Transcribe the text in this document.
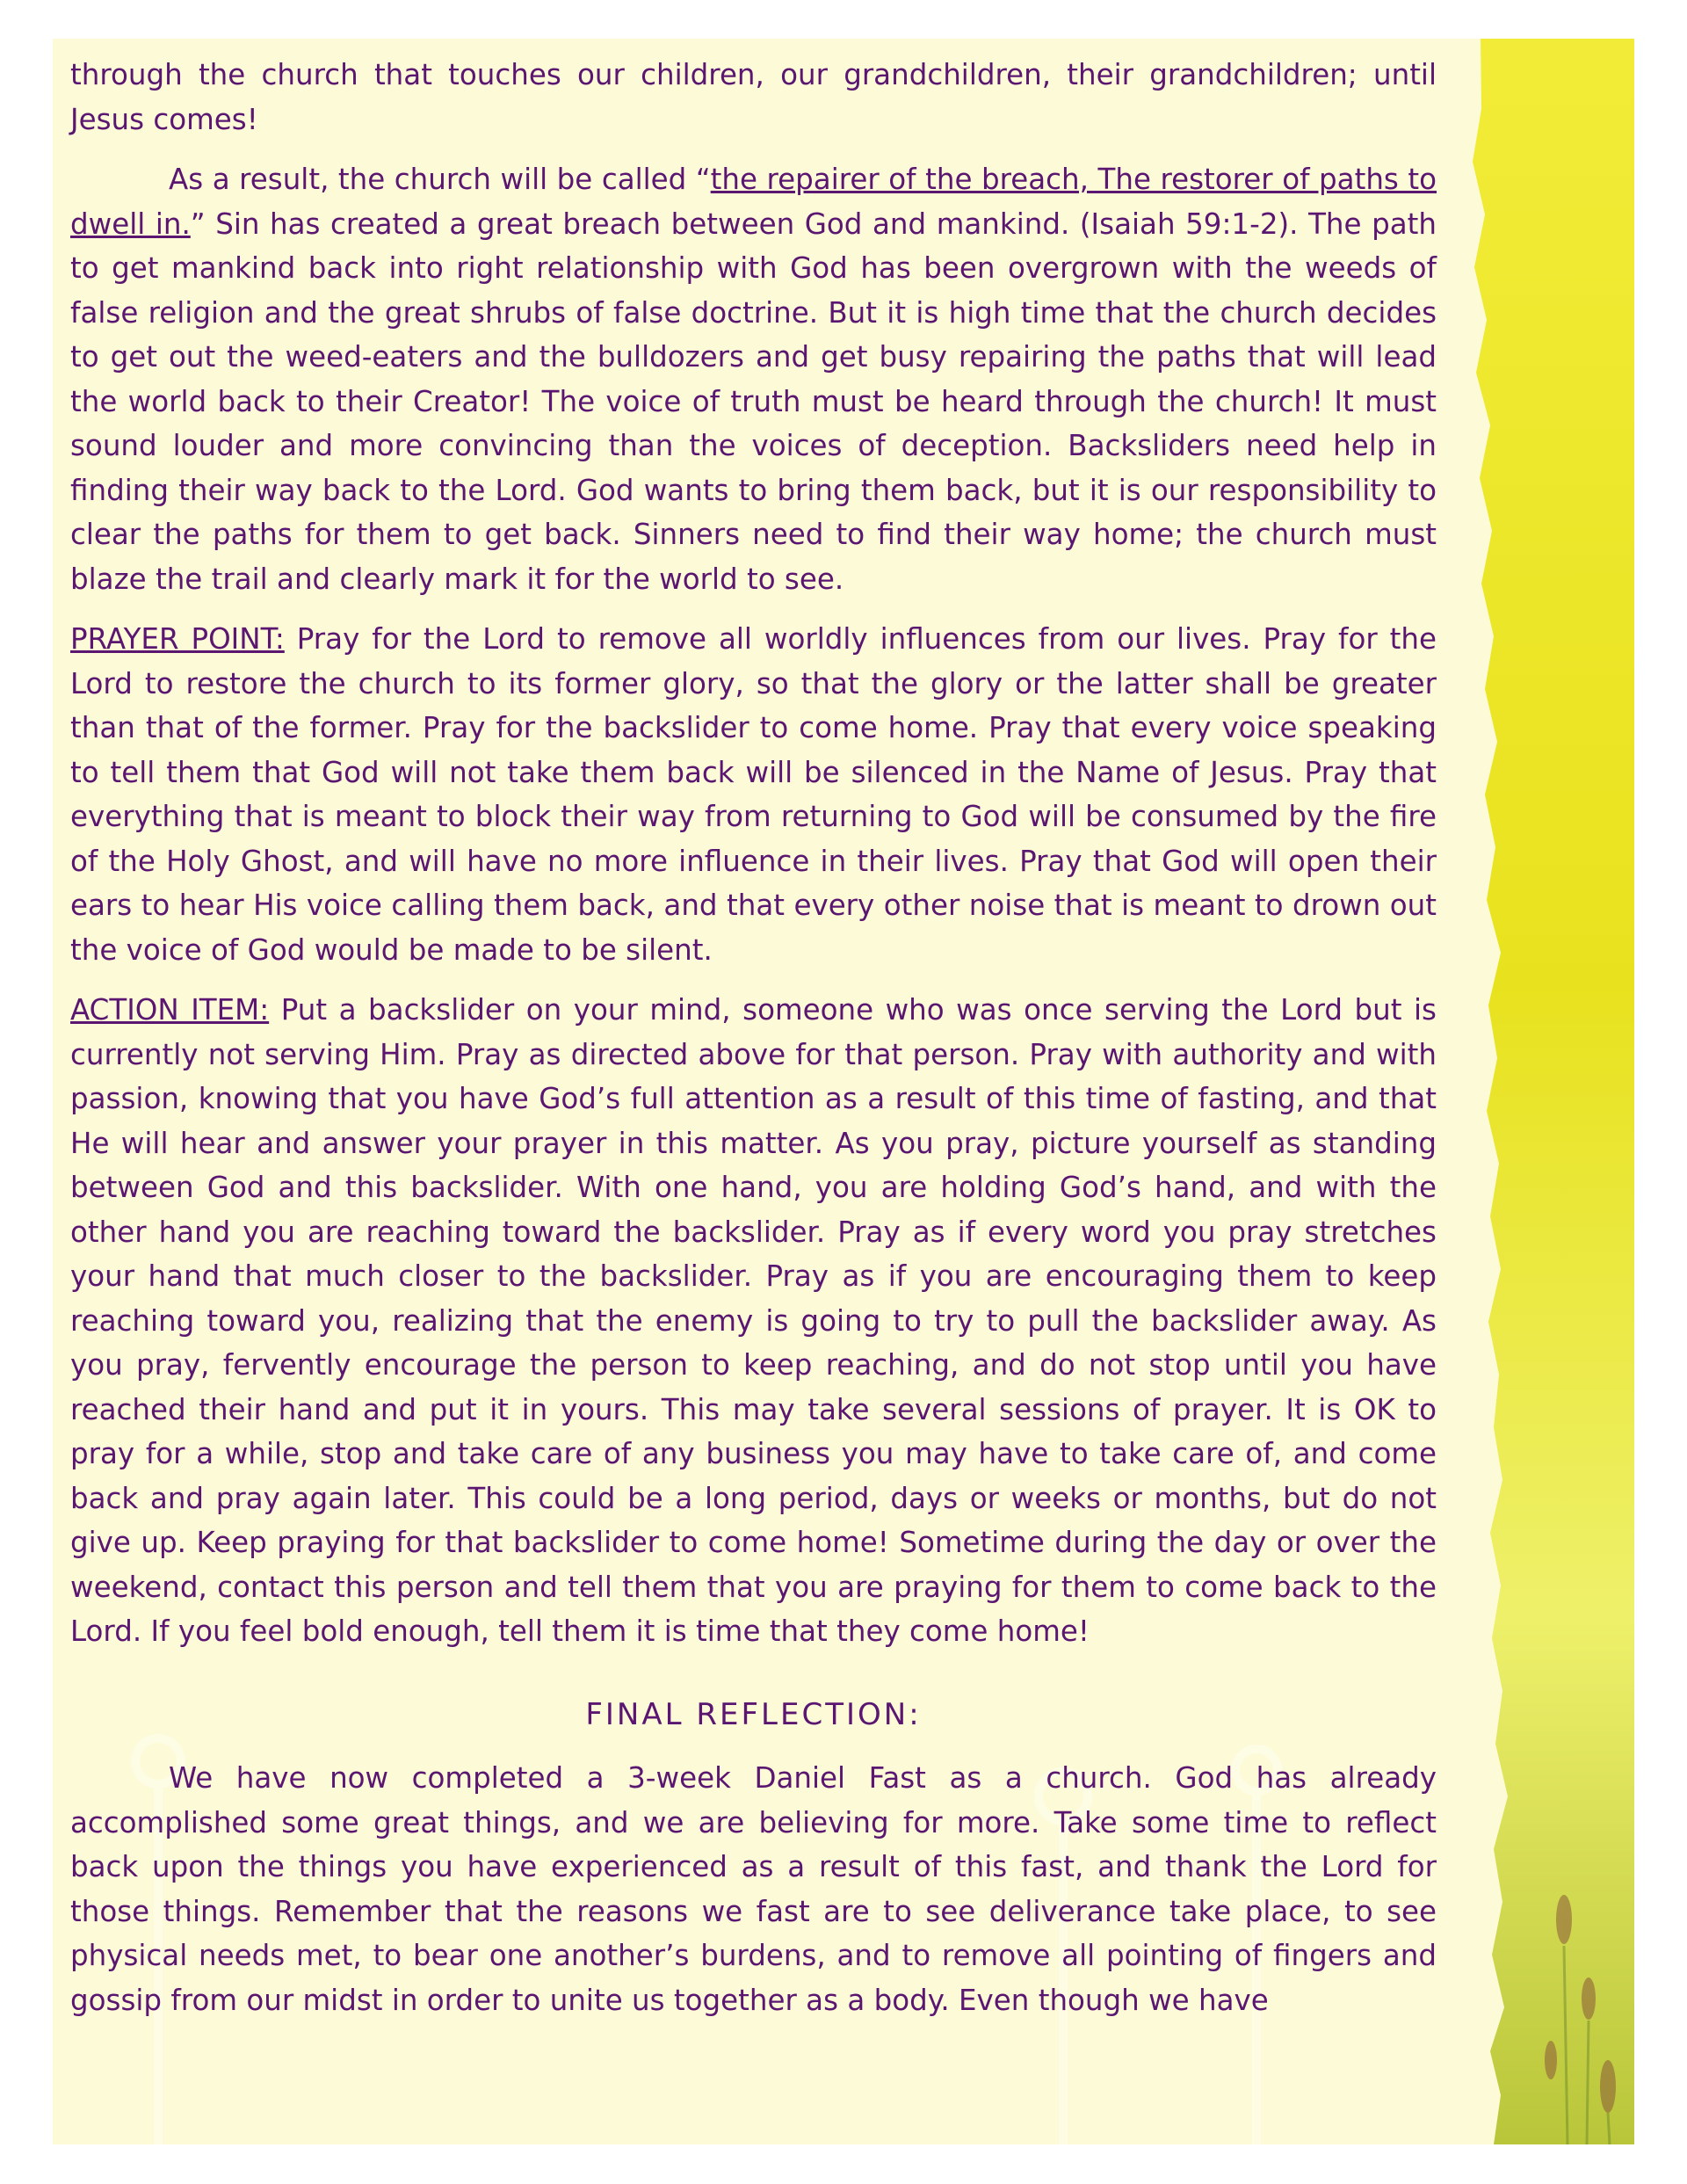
through the church that touches our children, our grandchildren, their grandchildren; until Jesus comes!

As a result, the church will be called “the repairer of the breach, The restorer of paths to dwell in.” Sin has created a great breach between God and mankind. (Isaiah 59:1-2). The path to get mankind back into right relationship with God has been overgrown with the weeds of false religion and the great shrubs of false doctrine. But it is high time that the church decides to get out the weed-eaters and the bulldozers and get busy repairing the paths that will lead the world back to their Creator! The voice of truth must be heard through the church! It must sound louder and more convincing than the voices of deception. Backsliders need help in finding their way back to the Lord. God wants to bring them back, but it is our responsibility to clear the paths for them to get back. Sinners need to find their way home; the church must blaze the trail and clearly mark it for the world to see.

PRAYER POINT: Pray for the Lord to remove all worldly influences from our lives. Pray for the Lord to restore the church to its former glory, so that the glory or the latter shall be greater than that of the former. Pray for the backslider to come home. Pray that every voice speaking to tell them that God will not take them back will be silenced in the Name of Jesus. Pray that everything that is meant to block their way from returning to God will be consumed by the fire of the Holy Ghost, and will have no more influence in their lives. Pray that God will open their ears to hear His voice calling them back, and that every other noise that is meant to drown out the voice of God would be made to be silent.

ACTION ITEM: Put a backslider on your mind, someone who was once serving the Lord but is currently not serving Him. Pray as directed above for that person. Pray with authority and with passion, knowing that you have God’s full attention as a result of this time of fasting, and that He will hear and answer your prayer in this matter. As you pray, picture yourself as standing between God and this backslider. With one hand, you are holding God’s hand, and with the other hand you are reaching toward the backslider. Pray as if every word you pray stretches your hand that much closer to the backslider. Pray as if you are encouraging them to keep reaching toward you, realizing that the enemy is going to try to pull the backslider away. As you pray, fervently encourage the person to keep reaching, and do not stop until you have reached their hand and put it in yours. This may take several sessions of prayer. It is OK to pray for a while, stop and take care of any business you may have to take care of, and come back and pray again later. This could be a long period, days or weeks or months, but do not give up. Keep praying for that backslider to come home! Sometime during the day or over the weekend, contact this person and tell them that you are praying for them to come back to the Lord. If you feel bold enough, tell them it is time that they come home!

FINAL REFLECTION:

We have now completed a 3-week Daniel Fast as a church. God has already accomplished some great things, and we are believing for more. Take some time to reflect back upon the things you have experienced as a result of this fast, and thank the Lord for those things. Remember that the reasons we fast are to see deliverance take place, to see physical needs met, to bear one another’s burdens, and to remove all pointing of fingers and gossip from our midst in order to unite us together as a body. Even though we have
